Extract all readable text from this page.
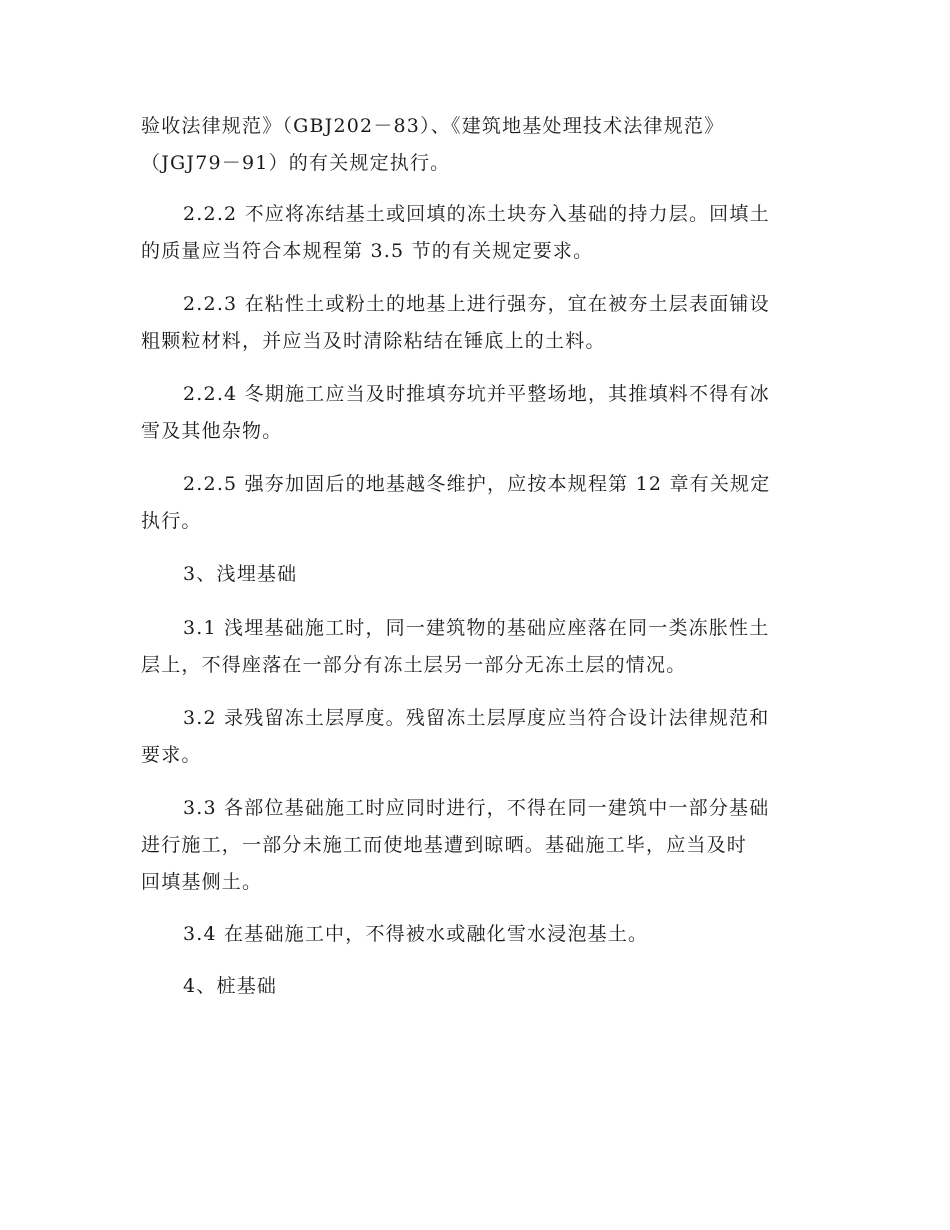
验收法律规范》（GBJ202－83）、《建筑地基处理技术法律规范》
（JGJ79－91）的有关规定执行。

2.2.2 不应将冻结基土或回填的冻土块夯入基础的持力层。回填土
的质量应当符合本规程第 3.5 节的有关规定要求。

2.2.3 在粘性土或粉土的地基上进行强夯，宜在被夯土层表面铺设
粗颗粒材料，并应当及时清除粘结在锤底上的土料。

2.2.4 冬期施工应当及时推填夯坑并平整场地，其推填料不得有冰
雪及其他杂物。

2.2.5 强夯加固后的地基越冬维护，应按本规程第 12 章有关规定
执行。

3、浅埋基础

3.1 浅埋基础施工时，同一建筑物的基础应座落在同一类冻胀性土
层上，不得座落在一部分有冻土层另一部分无冻土层的情况。

3.2 录残留冻土层厚度。残留冻土层厚度应当符合设计法律规范和
要求。

3.3 各部位基础施工时应同时进行，不得在同一建筑中一部分基础
进行施工，一部分未施工而使地基遭到晾晒。基础施工毕，应当及时
回填基侧土。

3.4 在基础施工中，不得被水或融化雪水浸泡基土。

4、桩基础
